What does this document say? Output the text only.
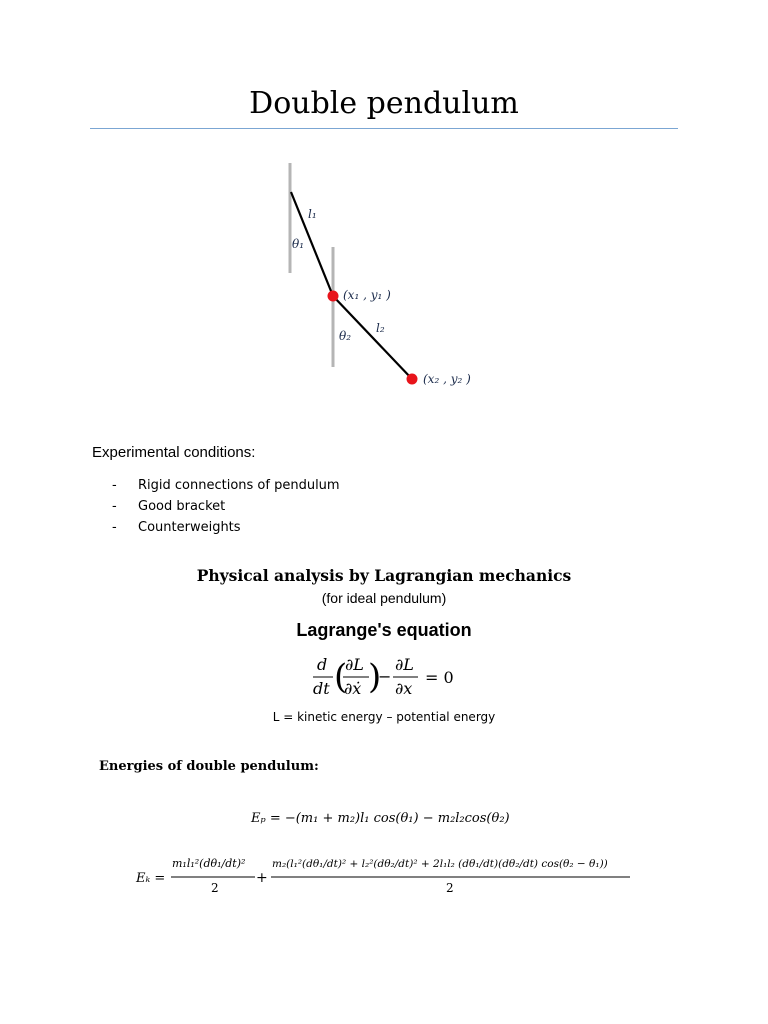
Double pendulum
l₁
θ₁
(x₁ , y₁ )
θ₂
l₂
(x₂ , y₂ )
Experimental conditions:
- Rigid connections of pendulum
- Good bracket
- Counterweights
Physical analysis by Lagrangian mechanics
(for ideal pendulum)
Lagrange's equation
d
dt (
∂L
∂ẋ )
−
∂L
∂x
= 0
L = kinetic energy – potential energy
Energies of double pendulum:
Eₚ = −(m₁ + m₂)l₁ cos(θ₁) − m₂l₂cos(θ₂)
Eₖ =
m₁l₁²(dθ₁/dt)²
2
+
m₂(l₁²(dθ₁/dt)² + l₂²(dθ₂/dt)² + 2l₁l₂ (dθ₁/dt)(dθ₂/dt) cos(θ₂ − θ₁))
2
